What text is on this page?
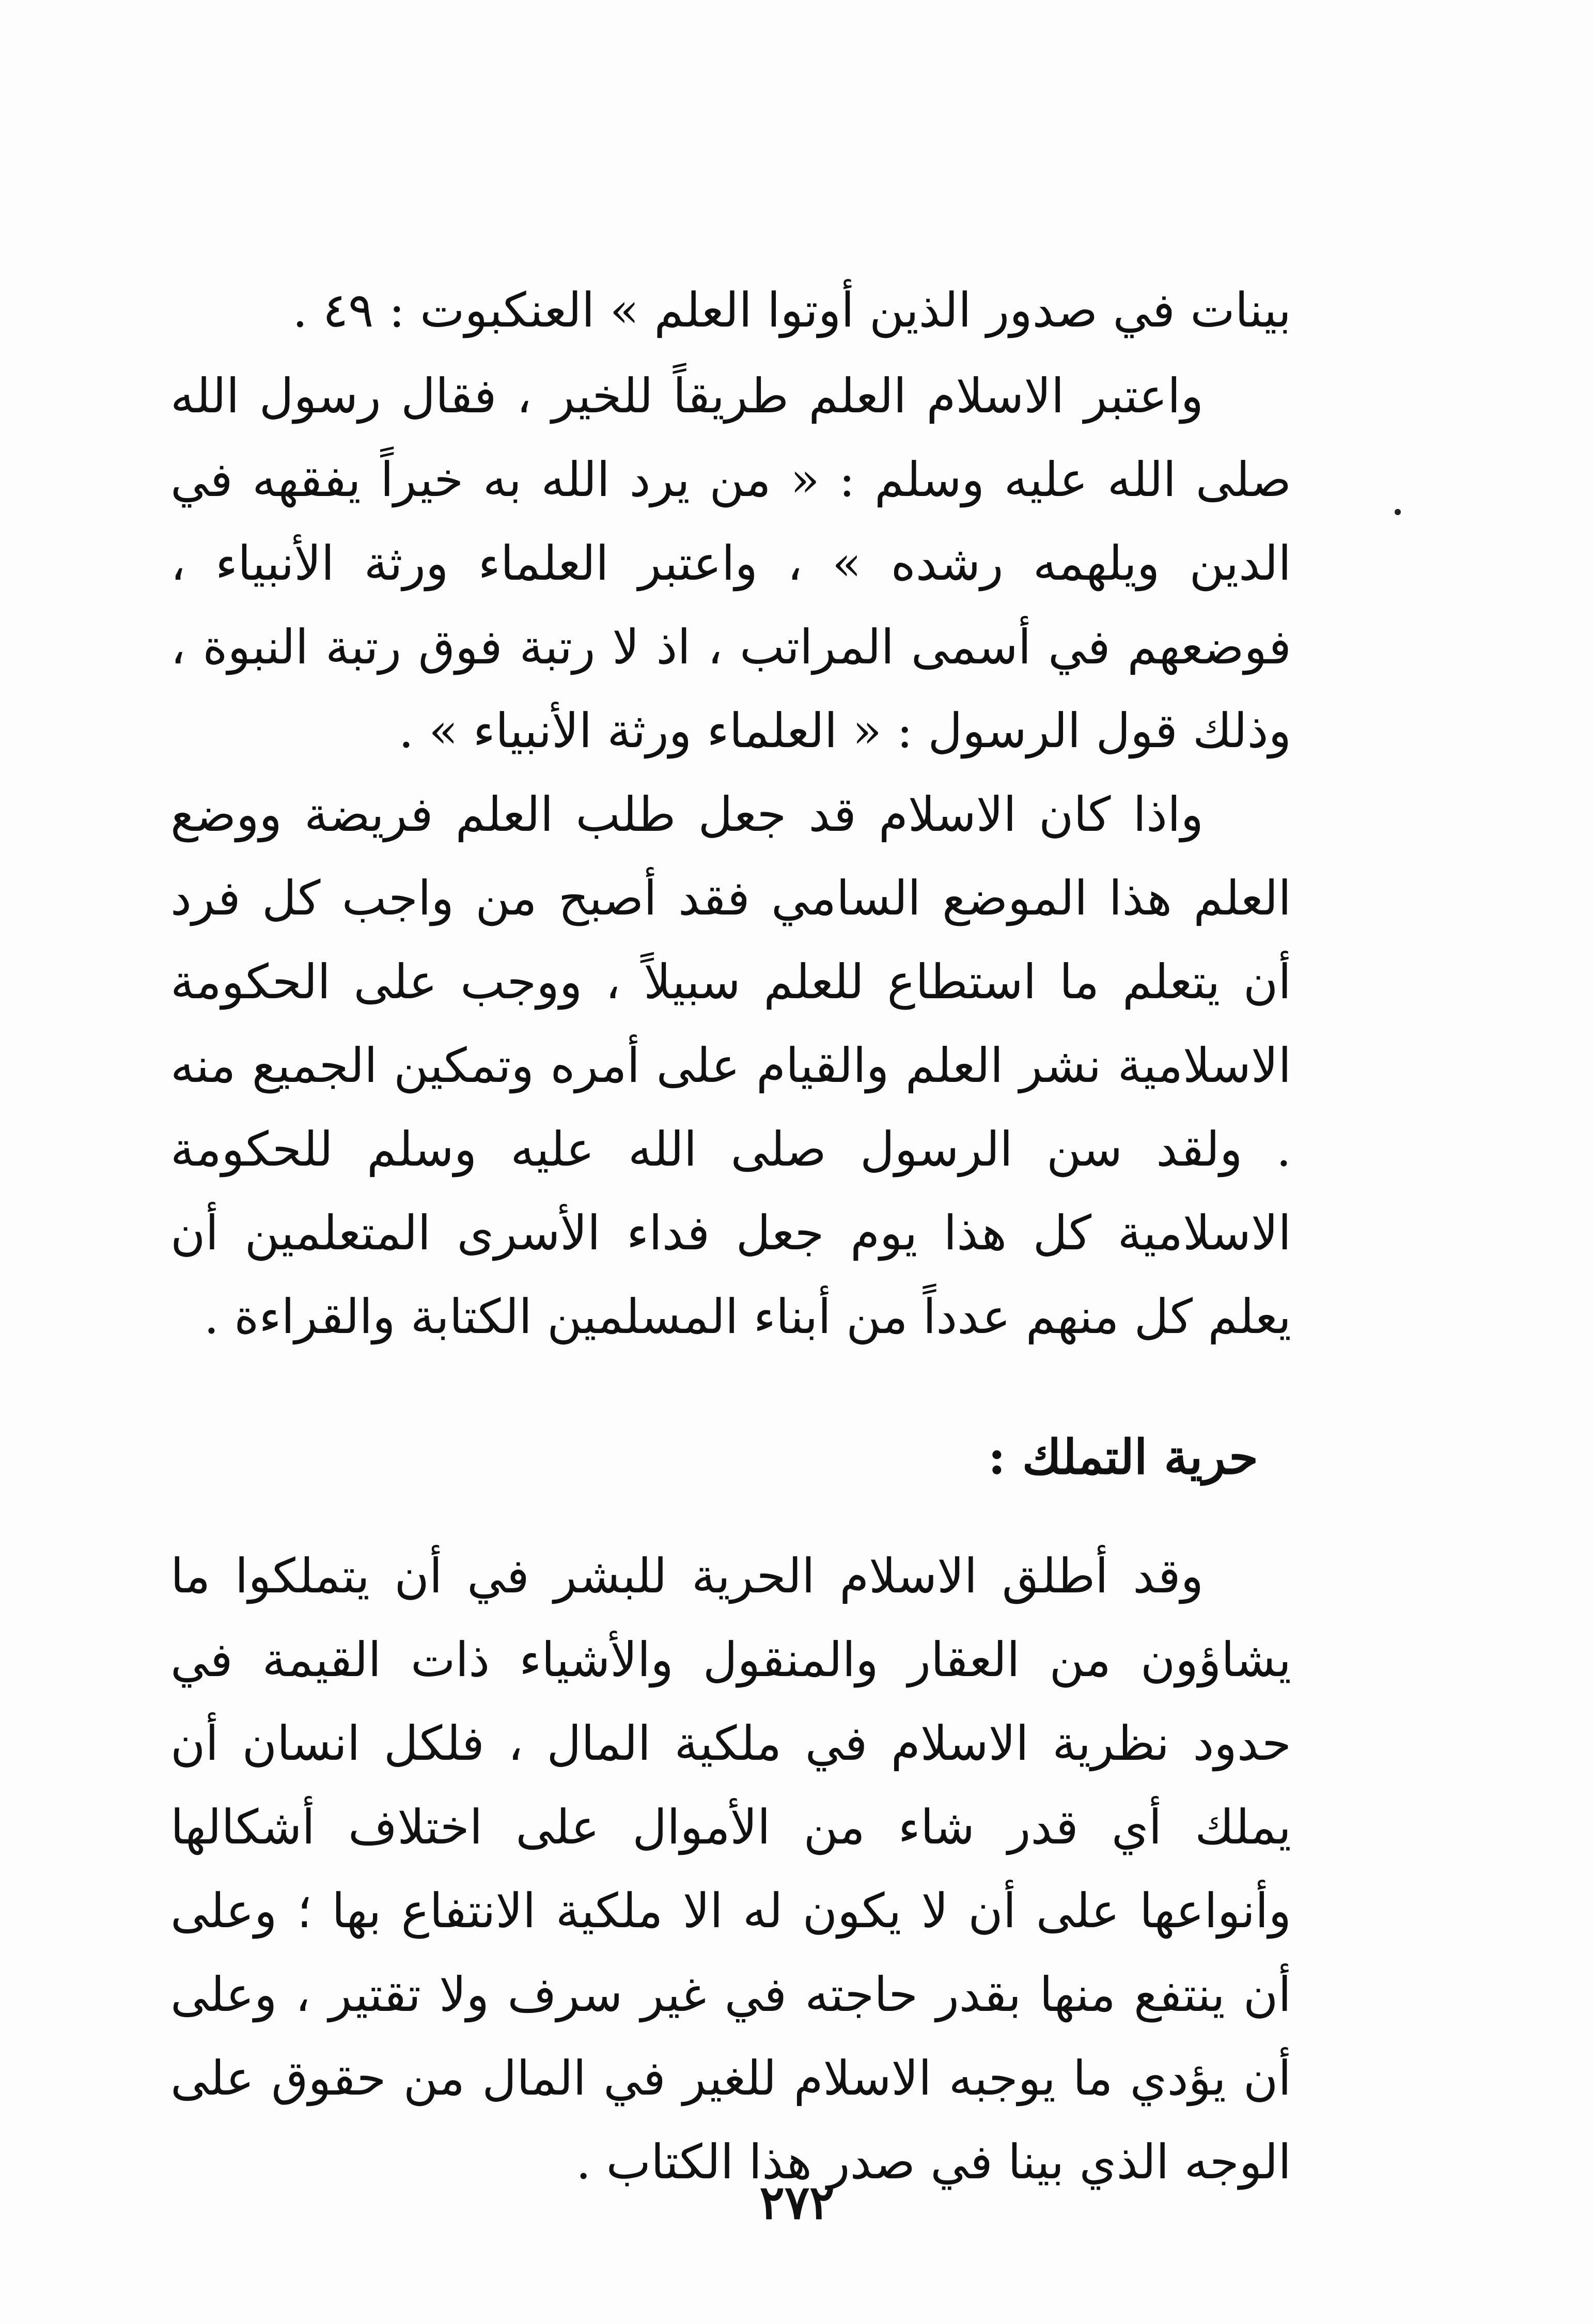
بينات في صدور الذين أوتوا العلم » العنكبوت : ٤٩ .

واعتبر الاسلام العلم طريقاً للخير ، فقال رسول الله صلى الله عليه وسلم : « من يرد الله به خيراً يفقهه في الدين ويلهمه رشده » ، واعتبر العلماء ورثة الأنبياء ، فوضعهم في أسمى المراتب ، اذ لا رتبة فوق رتبة النبوة ، وذلك قول الرسول : « العلماء ورثة الأنبياء » .

واذا كان الاسلام قد جعل طلب العلم فريضة ووضع العلم هذا الموضع السامي فقد أصبح من واجب كل فرد أن يتعلم ما استطاع للعلم سبيلاً ، ووجب على الحكومة الاسلامية نشر العلم والقيام على أمره وتمكين الجميع منه . ولقد سن الرسول صلى الله عليه وسلم للحكومة الاسلامية كل هذا يوم جعل فداء الأسرى المتعلمين أن يعلم كل منهم عدداً من أبناء المسلمين الكتابة والقراءة .

حرية التملك :

وقد أطلق الاسلام الحرية للبشر في أن يتملكوا ما يشاؤون من العقار والمنقول والأشياء ذات القيمة في حدود نظرية الاسلام في ملكية المال ، فلكل انسان أن يملك أي قدر شاء من الأموال على اختلاف أشكالها وأنواعها على أن لا يكون له الا ملكية الانتفاع بها ؛ وعلى أن ينتفع منها بقدر حاجته في غير سرف ولا تقتير ، وعلى أن يؤدي ما يوجبه الاسلام للغير في المال من حقوق على الوجه الذي بينا في صدر هذا الكتاب .

٢٧٢
